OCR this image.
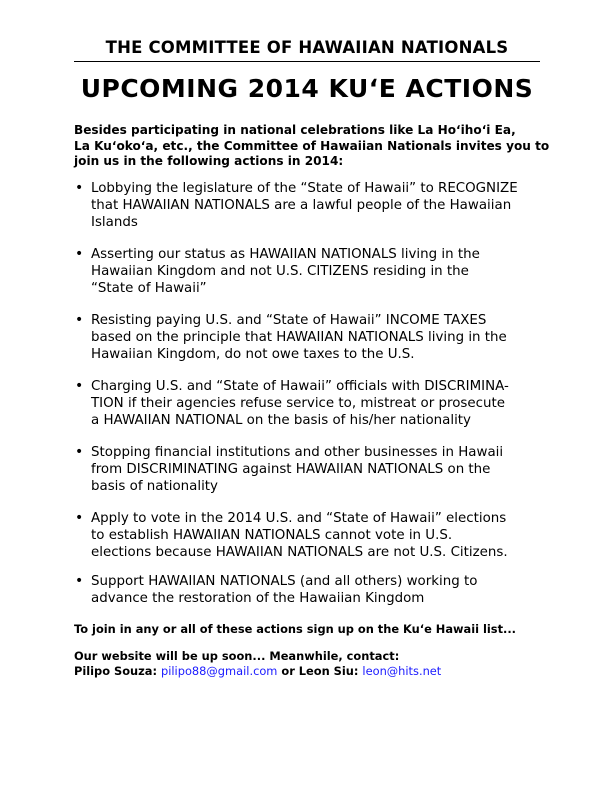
THE COMMITTEE OF HAWAIIAN NATIONALS
UPCOMING 2014 KUʻE ACTIONS
Besides participating in national celebrations like La Hoʻihoʻi Ea,
La Kuʻokoʻa, etc., the Committee of Hawaiian Nationals invites you to
join us in the following actions in 2014:
• Lobbying the legislature of the “State of Hawaii” to RECOGNIZE
that HAWAIIAN NATIONALS are a lawful people of the Hawaiian
Islands
• Asserting our status as HAWAIIAN NATIONALS living in the
Hawaiian Kingdom and not U.S. CITIZENS residing in the
“State of Hawaii”
• Resisting paying U.S. and “State of Hawaii” INCOME TAXES
based on the principle that HAWAIIAN NATIONALS living in the
Hawaiian Kingdom, do not owe taxes to the U.S.
• Charging U.S. and “State of Hawaii” officials with DISCRIMINA-
TION if their agencies refuse service to, mistreat or prosecute
a HAWAIIAN NATIONAL on the basis of his/her nationality
• Stopping financial institutions and other businesses in Hawaii
from DISCRIMINATING against HAWAIIAN NATIONALS on the
basis of nationality
• Apply to vote in the 2014 U.S. and “State of Hawaii” elections
to establish HAWAIIAN NATIONALS cannot vote in U.S.
elections because HAWAIIAN NATIONALS are not U.S. Citizens.
• Support HAWAIIAN NATIONALS (and all others) working to
advance the restoration of the Hawaiian Kingdom
To join in any or all of these actions sign up on the Kuʻe Hawaii list...
Our website will be up soon... Meanwhile, contact:
Pilipo Souza: pilipo88@gmail.com or Leon Siu: leon@hits.net
